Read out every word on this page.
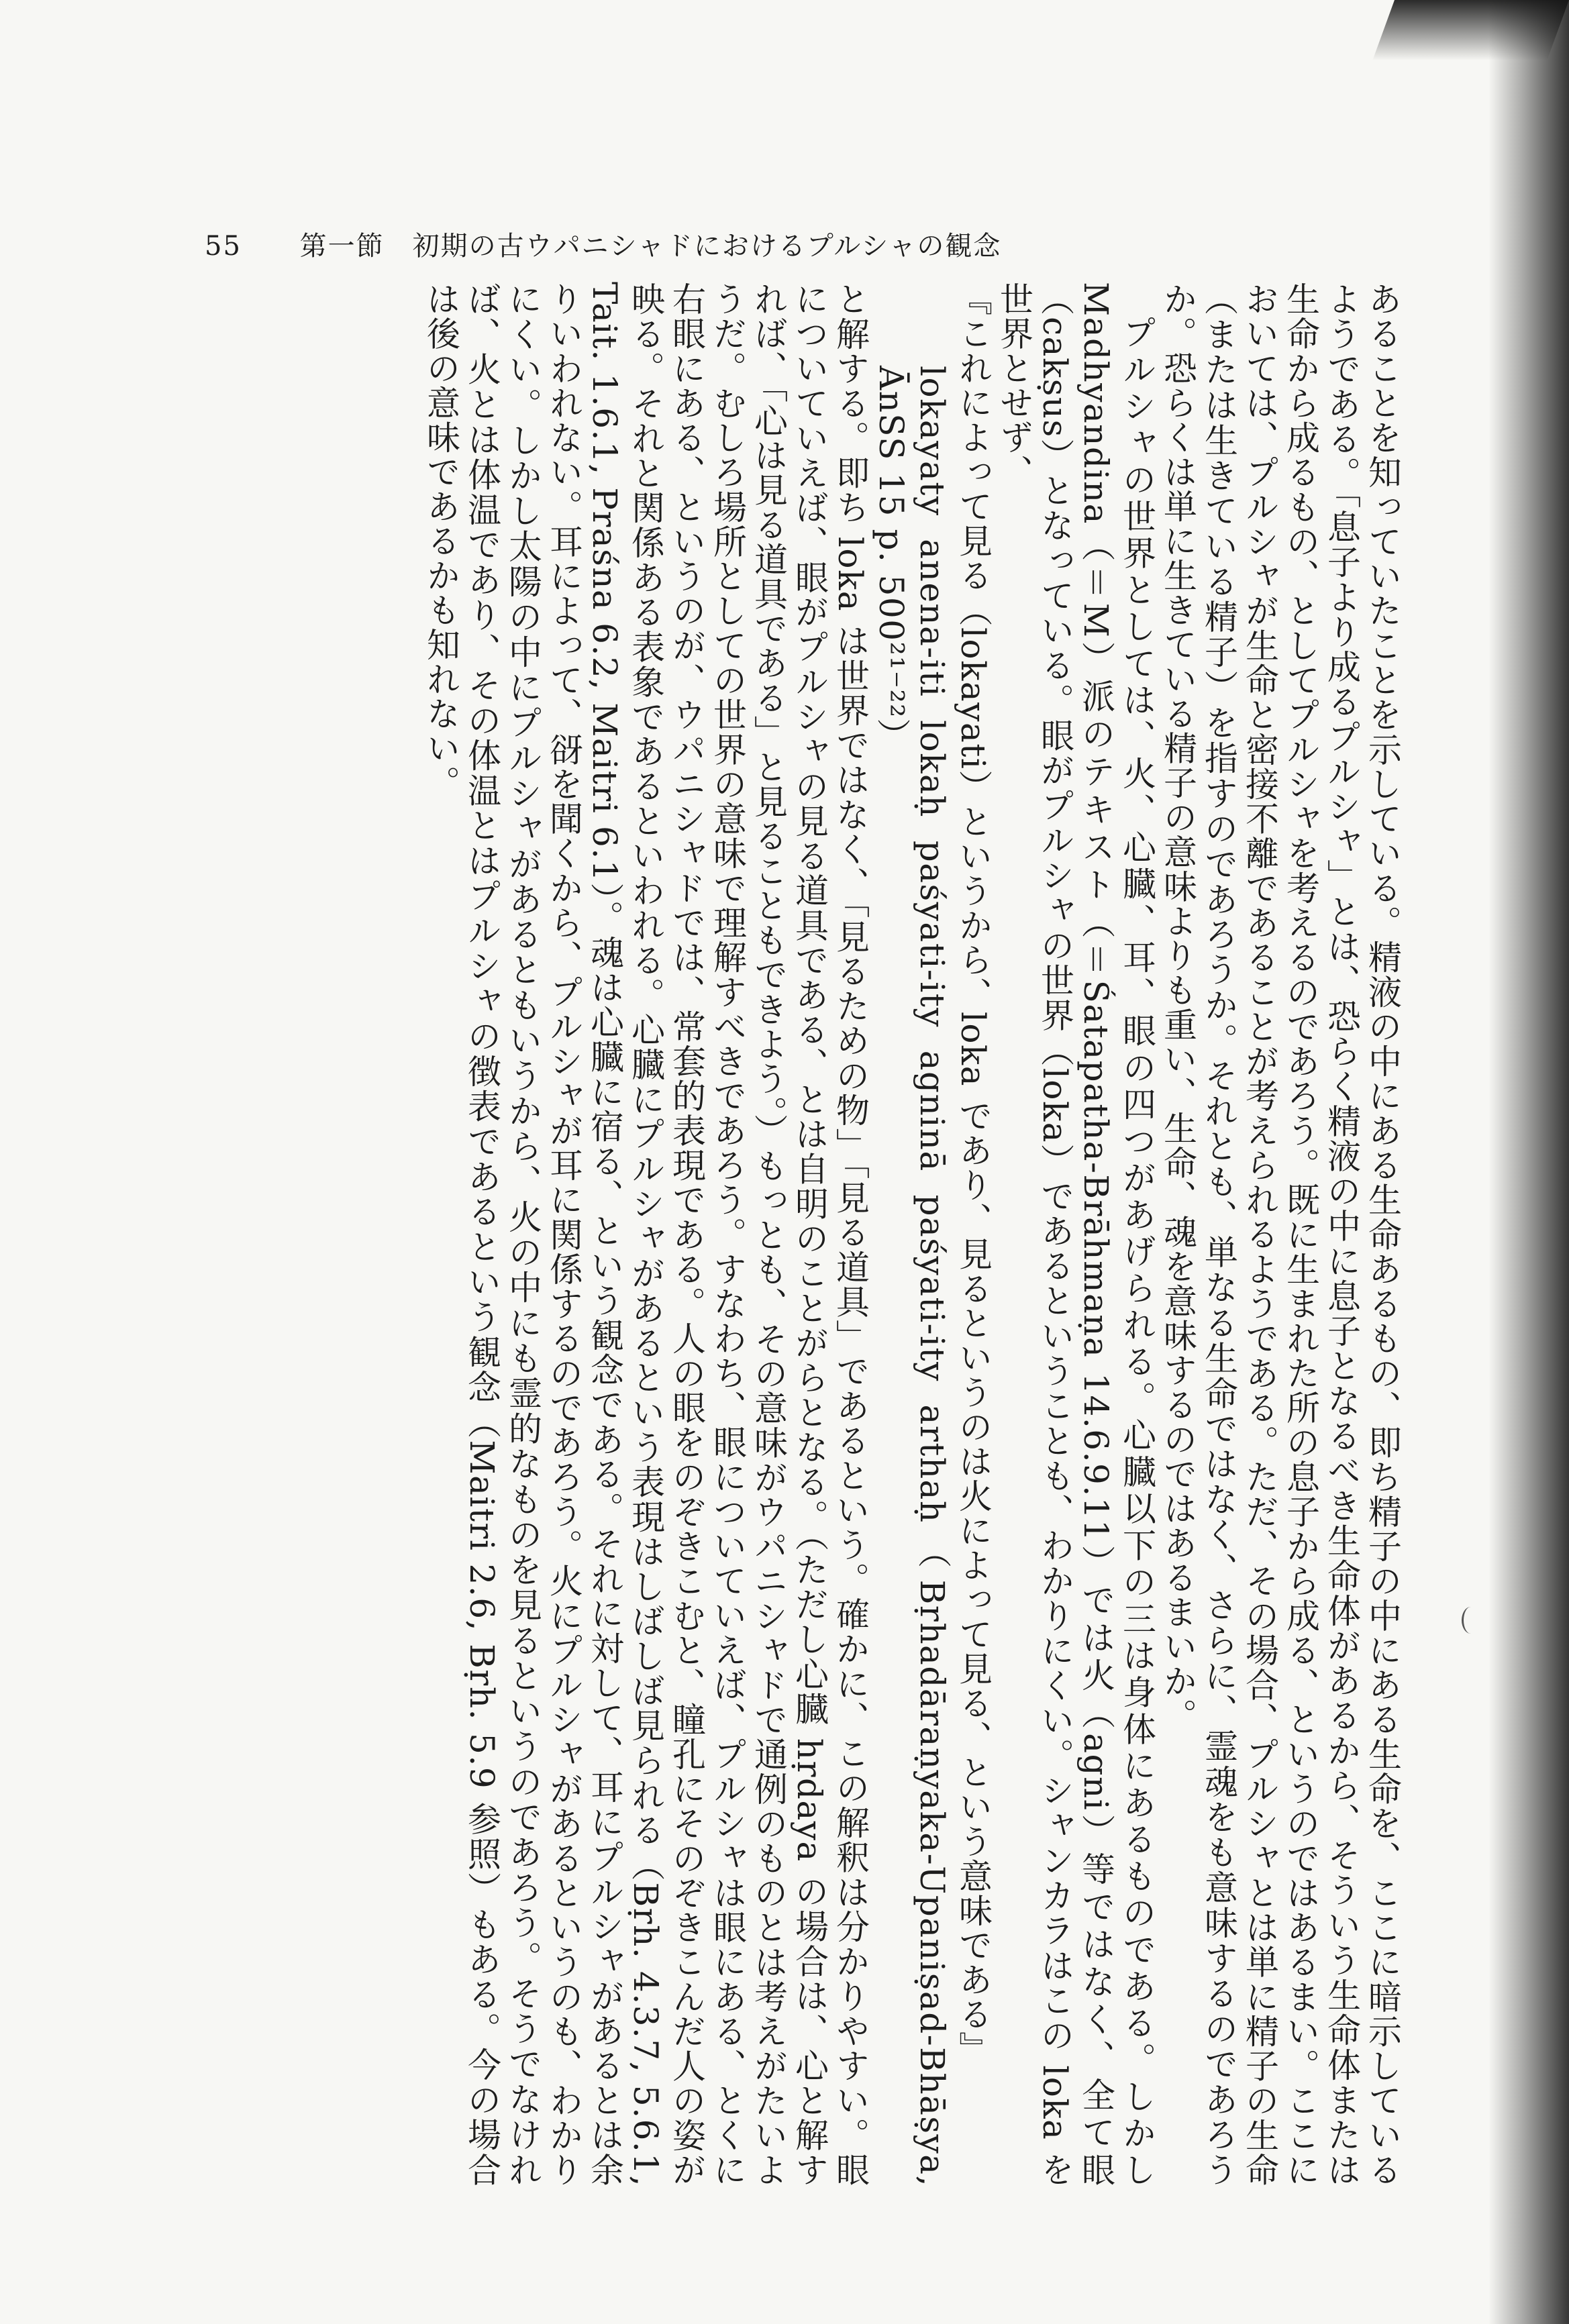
55 第一節　初期の古ウパニシャドにおけるプルシャの観念

あることを知っていたことを示している。精液の中にある生命あるもの、即ち精子の中にある生命を、ここに暗示しているようである。「息子より成るプルシャ」とは、恐らく精液の中に息子となるべき生命体があるから、そういう生命体または生命から成るもの、としてプルシャを考えるのであろう。既に生まれた所の息子から成る、というのではあるまい。ここにおいては、プルシャが生命と密接不離であることが考えられるようである。ただ、その場合、プルシャとは単に精子の生命（または生きている精子）を指すのであろうか。それとも、単なる生命ではなく、さらに、霊魂をも意味するのであろうか。恐らくは単に生きている精子の意味よりも重い、生命、魂を意味するのではあるまいか。

プルシャの世界としては、火、心臓、耳、眼の四つがあげられる。心臓以下の三は身体にあるものである。しかし Madhyandina（＝M）派のテキスト（＝Śatapatha-Brāhmaṇa 14.6.9.11）では火（agni）等ではなく、全て眼（cakṣus）となっている。眼がプルシャの世界（loka）であるということも、わかりにくい。シャンカラはこの loka を世界とせず、

『これによって見る（lokayati）というから、loka であり、見るというのは火によって見る、という意味である』

lokayaty anena-iti lokaḥ paśyati-ity agninā paśyati-ity arthaḥ（Bṛhadāraṇyaka-Upaniṣad-Bhāṣya, ĀnSS 15 p. 500²¹⁻²²）

と解する。即ち loka は世界ではなく、「見るための物」「見る道具」であるという。確かに、この解釈は分かりやすい。眼についていえば、眼がプルシャの見る道具である、とは自明のことがらとなる。（ただし心臓 hṛdaya の場合は、心と解すれば、「心は見る道具である」と見ることもできよう。）もっとも、その意味がウパニシャドで通例のものとは考えがたいようだ。むしろ場所としての世界の意味で理解すべきであろう。すなわち、眼についていえば、プルシャは眼にある、とくに右眼にある、というのが、ウパニシャドでは、常套的表現である。人の眼をのぞきこむと、瞳孔にそのぞきこんだ人の姿が映る。それと関係ある表象であるといわれる。心臓にプルシャがあるという表現はしばしば見られる（Bṛh. 4.3.7, 5.6.1, Tait. 1.6.1, Praśna 6.2, Maitri 6.1）。魂は心臓に宿る、という観念である。それに対して、耳にプルシャがあるとは余りいわれない。耳によって、谺を聞くから、プルシャが耳に関係するのであろう。火にプルシャがあるというのも、わかりにくい。しかし太陽の中にプルシャがあるともいうから、火の中にも霊的なものを見るというのであろう。そうでなければ、火とは体温であり、その体温とはプルシャの徴表であるという観念（Maitri 2.6, Bṛh. 5.9 参照）もある。今の場合は後の意味であるかも知れない。
